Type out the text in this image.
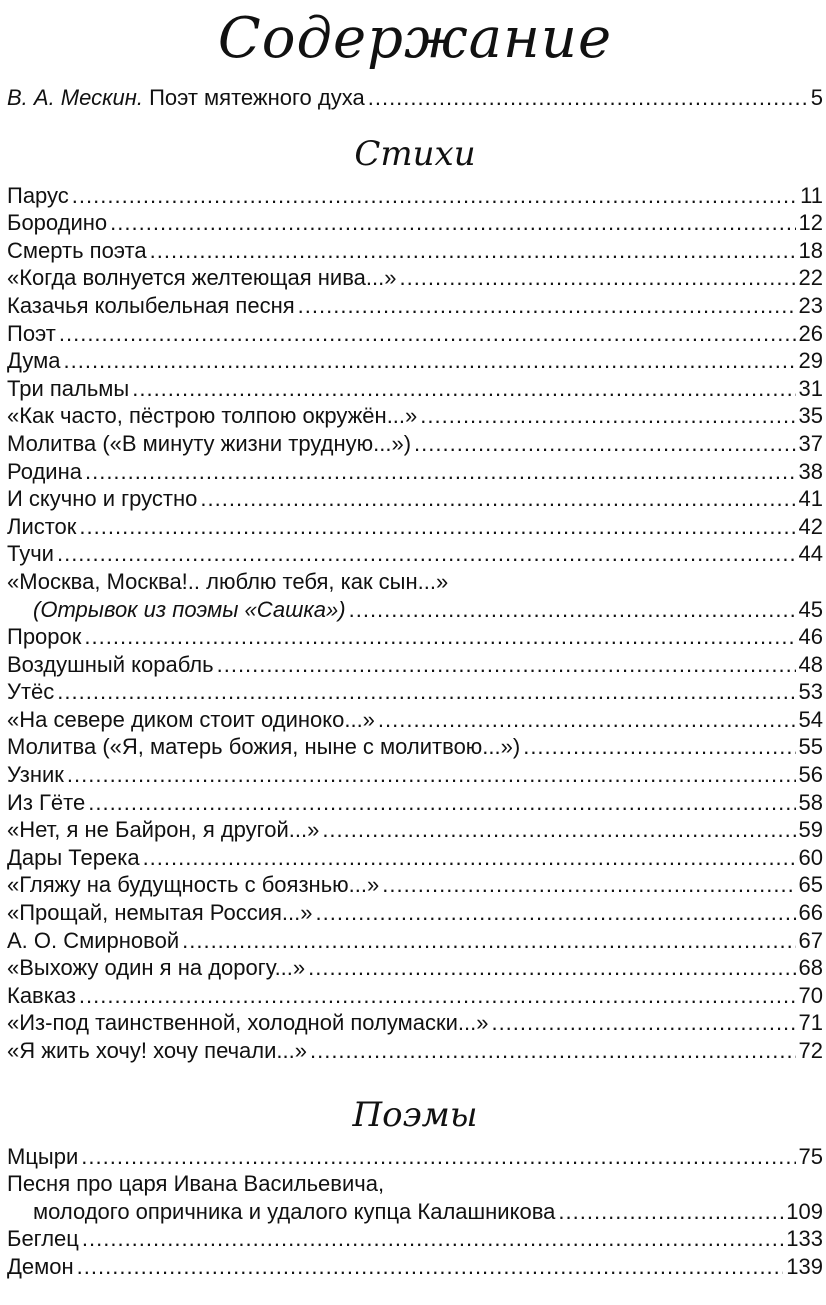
Содержание
В. А. Мескин. Поэт мятежного духа .....	5
Стихи
Парус .....	11
Бородино .....	12
Смерть поэта .....	18
«Когда волнуется желтеющая нива...» .....	22
Казачья колыбельная песня .....	23
Поэт .....	26
Дума .....	29
Три пальмы .....	31
«Как часто, пёстрою толпою окружён...» .....	35
Молитва («В минуту жизни трудную...») .....	37
Родина .....	38
И скучно и грустно .....	41
Листок .....	42
Тучи .....	44
«Москва, Москва!.. люблю тебя, как сын...»
(Отрывок из поэмы «Сашка») .....	45
Пророк .....	46
Воздушный корабль .....	48
Утёс .....	53
«На севере диком стоит одиноко...» .....	54
Молитва («Я, матерь божия, ныне с молитвою...») .....	55
Узник .....	56
Из Гёте .....	58
«Нет, я не Байрон, я другой...» .....	59
Дары Терека .....	60
«Гляжу на будущность с боязнью...» .....	65
«Прощай, немытая Россия...» .....	66
А. О. Смирновой .....	67
«Выхожу один я на дорогу...» .....	68
Кавказ .....	70
«Из-под таинственной, холодной полумаски...» .....	71
«Я жить хочу! хочу печали...» .....	72
Поэмы
Мцыри .....	75
Песня про царя Ивана Васильевича,
молодого опричника и удалого купца Калашникова .....	109
Беглец .....	133
Демон .....	139
